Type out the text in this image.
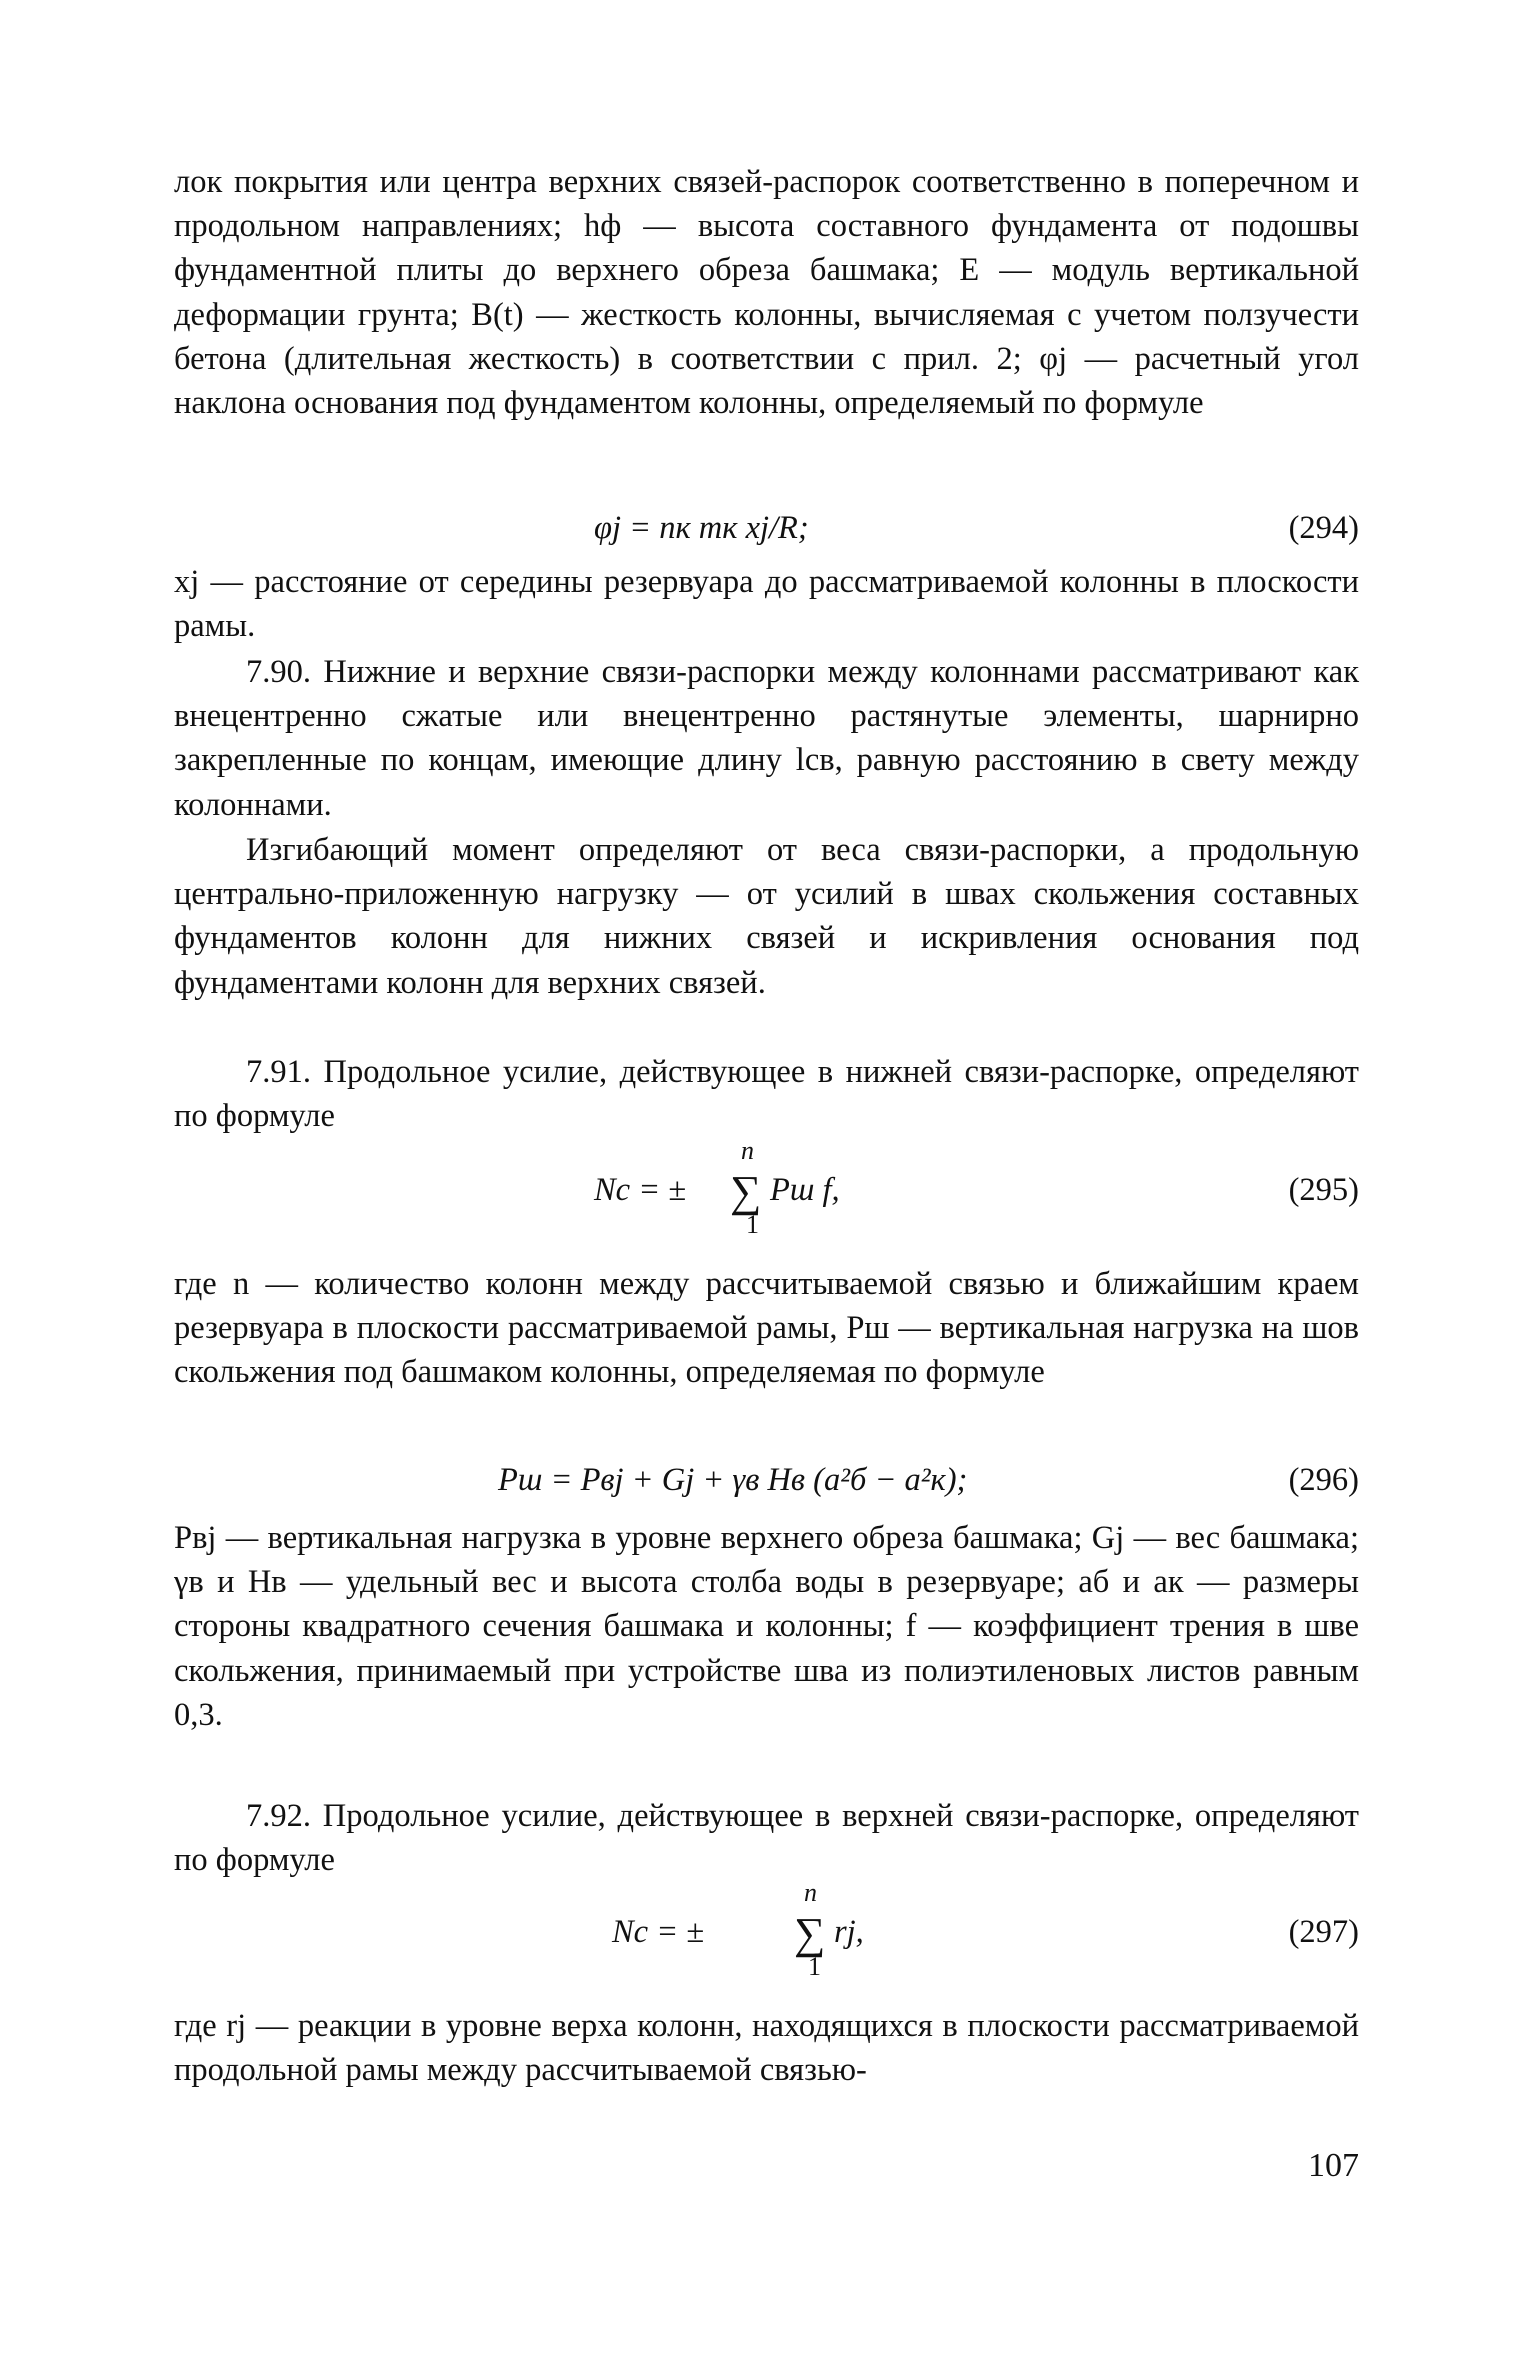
лок покрытия или центра верхних связей-распорок соответственно в поперечном и продольном направлениях; hф — высота составного фундамента от подошвы фундаментной плиты до верхнего обреза башмака; E — модуль вертикальной деформации грунта; B(t) — жесткость колонны, вычисляемая с учетом ползучести бетона (длительная жесткость) в соответствии с прил. 2; φj — расчетный угол наклона основания под фундаментом колонны, определяемый по формуле

φj = nк mк xj/R;	(294)

xj — расстояние от середины резервуара до рассматриваемой колонны в плоскости рамы.

7.90. Нижние и верхние связи-распорки между колоннами рассматривают как внецентренно сжатые или внецентренно растянутые элементы, шарнирно закрепленные по концам, имеющие длину lсв, равную расстоянию в свету между колоннами.

Изгибающий момент определяют от веса связи-распорки, а продольную центрально-приложенную нагрузку — от усилий в швах скольжения составных фундаментов колонн для нижних связей и искривления основания под фундаментами колонн для верхних связей.

7.91. Продольное усилие, действующее в нижней связи-распорке, определяют по формуле

Nс = ±
n
∑
1
Pш f,	(295)

где n — количество колонн между рассчитываемой связью и ближайшим краем резервуара в плоскости рассматриваемой рамы, Pш — вертикальная нагрузка на шов скольжения под башмаком колонны, определяемая по формуле

Pш = Pвj + Gj + γв Hв (a²б − a²к);	(296)

Pвj — вертикальная нагрузка в уровне верхнего обреза башмака; Gj — вес башмака; γв и Hв — удельный вес и высота столба воды в резервуаре; aб и aк — размеры стороны квадратного сечения башмака и колонны; f — коэффициент трения в шве скольжения, принимаемый при устройстве шва из полиэтиленовых листов равным 0,3.

7.92. Продольное усилие, действующее в верхней связи-распорке, определяют по формуле

Nс = ±
n
∑
1
rj,	(297)

где rj — реакции в уровне верха колонн, находящихся в плоскости рассматриваемой продольной рамы между рассчитываемой связью-

107
